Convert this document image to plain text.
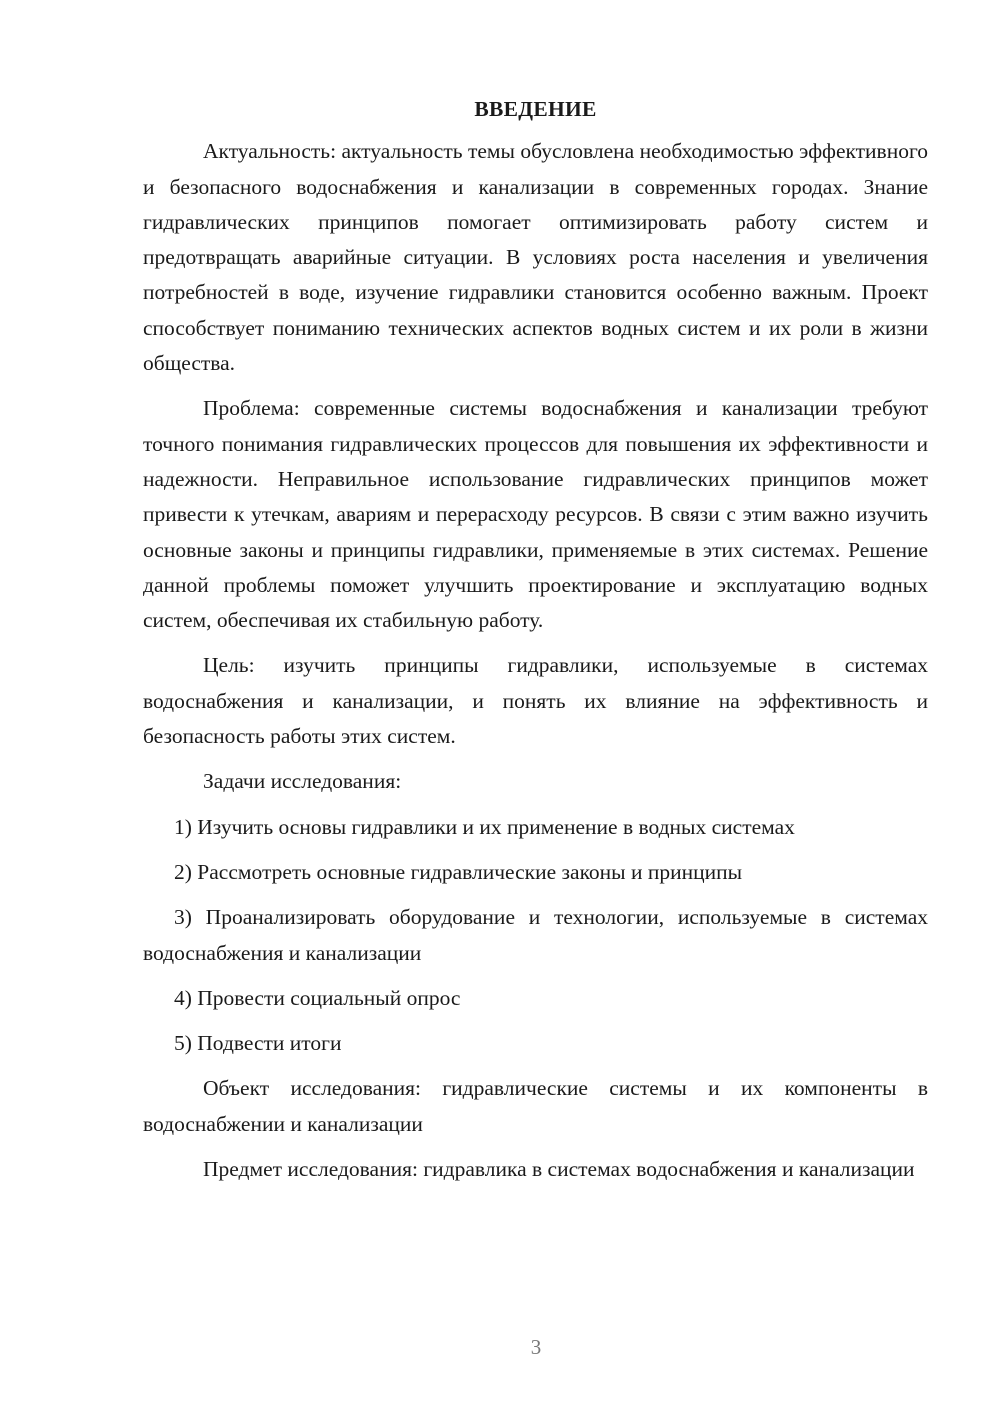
ВВЕДЕНИЕ

Актуальность: актуальность темы обусловлена необходимостью эффективного и безопасного водоснабжения и канализации в современных городах. Знание гидравлических принципов помогает оптимизировать работу систем и предотвращать аварийные ситуации. В условиях роста населения и увеличения потребностей в воде, изучение гидравлики становится особенно важным. Проект способствует пониманию технических аспектов водных систем и их роли в жизни общества.

Проблема: современные системы водоснабжения и канализации требуют точного понимания гидравлических процессов для повышения их эффективности и надежности. Неправильное использование гидравлических принципов может привести к утечкам, авариям и перерасходу ресурсов. В связи с этим важно изучить основные законы и принципы гидравлики, применяемые в этих системах. Решение данной проблемы поможет улучшить проектирование и эксплуатацию водных систем, обеспечивая их стабильную работу.

Цель: изучить принципы гидравлики, используемые в системах водоснабжения и канализации, и понять их влияние на эффективность и безопасность работы этих систем.

Задачи исследования:

1) Изучить основы гидравлики и их применение в водных системах

2) Рассмотреть основные гидравлические законы и принципы

3) Проанализировать оборудование и технологии, используемые в системах водоснабжения и канализации

4) Провести социальный опрос

5) Подвести итоги

Объект исследования: гидравлические системы и их компоненты в водоснабжении и канализации

Предмет исследования: гидравлика в системах водоснабжения и канализации

3
